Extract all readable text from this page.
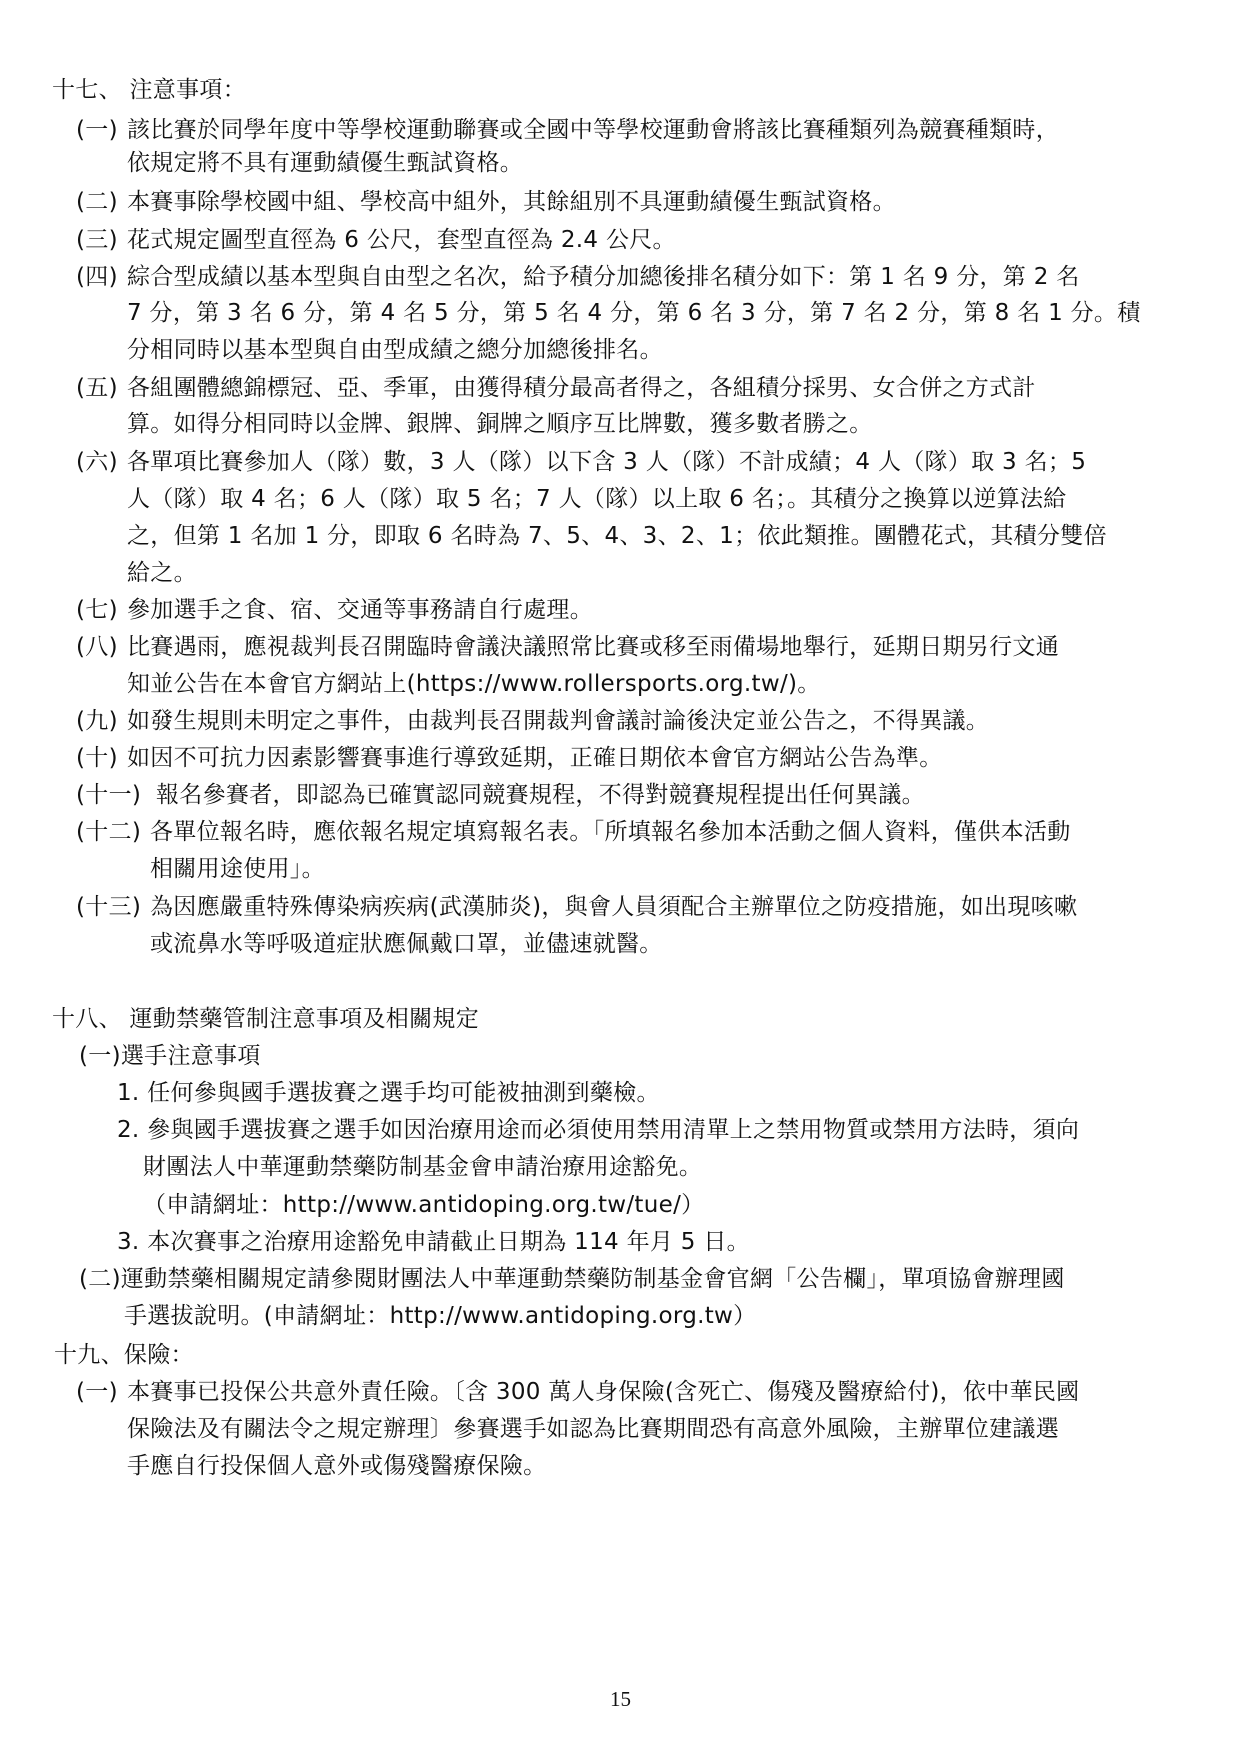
十七、 注意事項：
(一) 該比賽於同學年度中等學校運動聯賽或全國中等學校運動會將該比賽種類列為競賽種類時，
依規定將不具有運動績優生甄試資格。
(二) 本賽事除學校國中組、學校高中組外，其餘組別不具運動績優生甄試資格。
(三) 花式規定圖型直徑為 6 公尺，套型直徑為 2.4 公尺。
(四) 綜合型成績以基本型與自由型之名次，給予積分加總後排名積分如下：第 1 名 9 分，第 2 名
7 分，第 3 名 6 分，第 4 名 5 分，第 5 名 4 分，第 6 名 3 分，第 7 名 2 分，第 8 名 1 分。積
分相同時以基本型與自由型成績之總分加總後排名。
(五) 各組團體總錦標冠、亞、季軍，由獲得積分最高者得之，各組積分採男、女合併之方式計
算。如得分相同時以金牌、銀牌、銅牌之順序互比牌數，獲多數者勝之。
(六) 各單項比賽參加人（隊）數，3 人（隊）以下含 3 人（隊）不計成績；4 人（隊）取 3 名；5
人（隊）取 4 名；6 人（隊）取 5 名；7 人（隊）以上取 6 名；。其積分之換算以逆算法給
之，但第 1 名加 1 分，即取 6 名時為 7、5、4、3、2、1；依此類推。團體花式，其積分雙倍
給之。
(七) 參加選手之食、宿、交通等事務請自行處理。
(八) 比賽遇雨，應視裁判長召開臨時會議決議照常比賽或移至雨備場地舉行，延期日期另行文通
知並公告在本會官方網站上(https://www.rollersports.org.tw/)。
(九) 如發生規則未明定之事件，由裁判長召開裁判會議討論後決定並公告之，不得異議。
(十) 如因不可抗力因素影響賽事進行導致延期，正確日期依本會官方網站公告為準。
(十一) 報名參賽者，即認為已確實認同競賽規程，不得對競賽規程提出任何異議。
(十二) 各單位報名時，應依報名規定填寫報名表。「所填報名參加本活動之個人資料，僅供本活動
相關用途使用」。
(十三) 為因應嚴重特殊傳染病疾病(武漢肺炎)，與會人員須配合主辦單位之防疫措施，如出現咳嗽
或流鼻水等呼吸道症狀應佩戴口罩，並儘速就醫。
十八、 運動禁藥管制注意事項及相關規定
(一)選手注意事項
1. 任何參與國手選拔賽之選手均可能被抽測到藥檢。
2. 參與國手選拔賽之選手如因治療用途而必須使用禁用清單上之禁用物質或禁用方法時，須向
財團法人中華運動禁藥防制基金會申請治療用途豁免。
（申請網址：http://www.antidoping.org.tw/tue/）
3. 本次賽事之治療用途豁免申請截止日期為 114 年月 5 日。
(二)運動禁藥相關規定請參閱財團法人中華運動禁藥防制基金會官網「公告欄」，單項協會辦理國
手選拔說明。(申請網址：http://www.antidoping.org.tw）
十九、保險：
(一) 本賽事已投保公共意外責任險。〔含 300 萬人身保險(含死亡、傷殘及醫療給付)，依中華民國
保險法及有關法令之規定辦理〕參賽選手如認為比賽期間恐有高意外風險，主辦單位建議選
手應自行投保個人意外或傷殘醫療保險。
15
